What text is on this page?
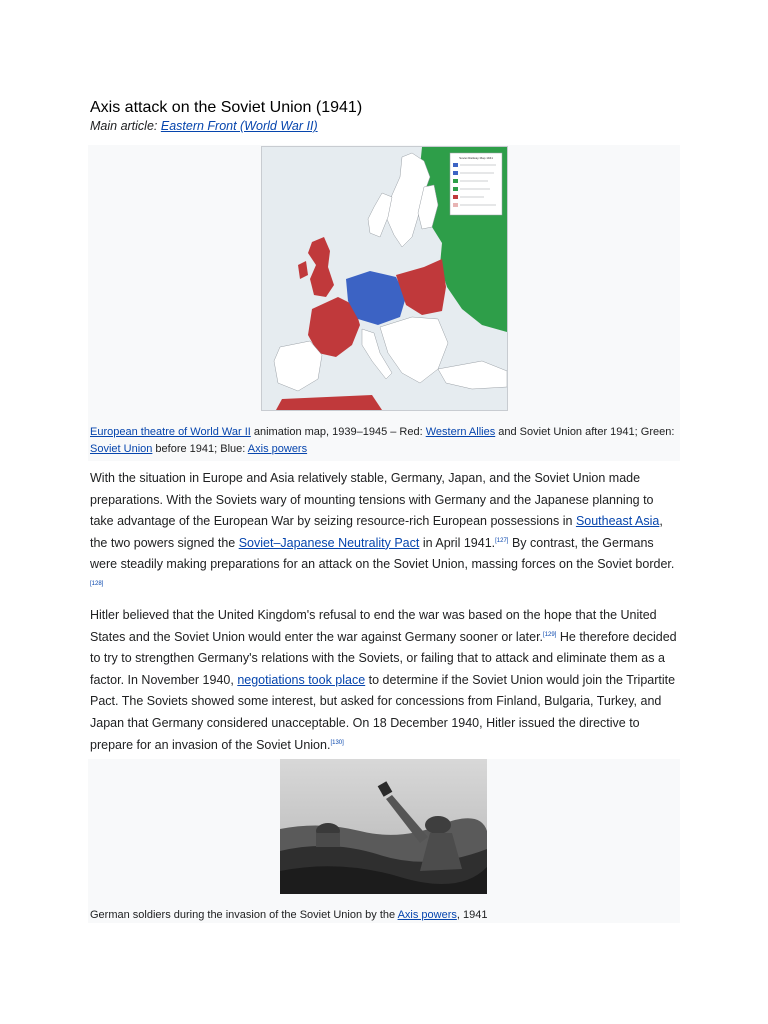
Axis attack on the Soviet Union (1941)
Main article: Eastern Front (World War II)
Soviet Railway Map 1941
European theatre of World War II animation map, 1939–1945 – Red: Western Allies and Soviet Union after 1941; Green: Soviet Union before 1941; Blue: Axis powers

With the situation in Europe and Asia relatively stable, Germany, Japan, and the Soviet Union made preparations. With the Soviets wary of mounting tensions with Germany and the Japanese planning to take advantage of the European War by seizing resource-rich European possessions in Southeast Asia, the two powers signed the Soviet–Japanese Neutrality Pact in April 1941.[127] By contrast, the Germans were steadily making preparations for an attack on the Soviet Union, massing forces on the Soviet border.[128]

Hitler believed that the United Kingdom's refusal to end the war was based on the hope that the United States and the Soviet Union would enter the war against Germany sooner or later.[129] He therefore decided to try to strengthen Germany's relations with the Soviets, or failing that to attack and eliminate them as a factor. In November 1940, negotiations took place to determine if the Soviet Union would join the Tripartite Pact. The Soviets showed some interest, but asked for concessions from Finland, Bulgaria, Turkey, and Japan that Germany considered unacceptable. On 18 December 1940, Hitler issued the directive to prepare for an invasion of the Soviet Union.[130]

German soldiers during the invasion of the Soviet Union by the Axis powers, 1941
